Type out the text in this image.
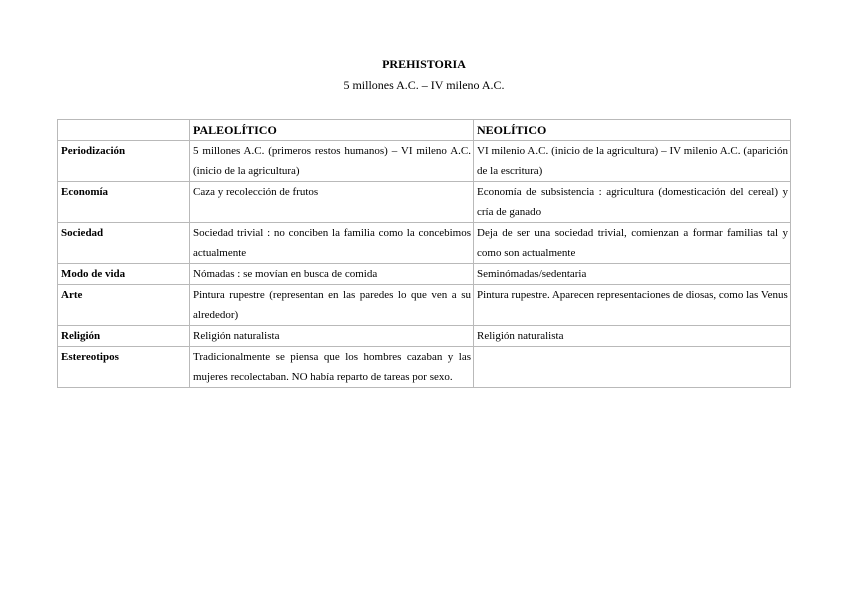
PREHISTORIA
5 millones A.C. – IV mileno A.C.
	PALEOLÍTICO	NEOLÍTICO
Periodización	5 millones A.C. (primeros restos humanos) – VI mileno A.C. (inicio de la agricultura)	VI milenio A.C. (inicio de la agricultura) – IV milenio A.C. (aparición de la escritura)
Economía	Caza y recolección de frutos	Economía de subsistencia : agricultura (domesticación del cereal) y cría de ganado
Sociedad	Sociedad trivial : no conciben la familia como la concebimos actualmente	Deja de ser una sociedad trivial, comienzan a formar familias tal y como son actualmente
Modo de vida	Nómadas : se movían en busca de comida	Seminómadas/sedentaria
Arte	Pintura rupestre (representan en las paredes lo que ven a su alrededor)	Pintura rupestre. Aparecen representaciones de diosas, como las Venus
Religión	Religión naturalista	Religión naturalista
Estereotipos	Tradicionalmente se piensa que los hombres cazaban y las mujeres recolectaban. NO había reparto de tareas por sexo.	
